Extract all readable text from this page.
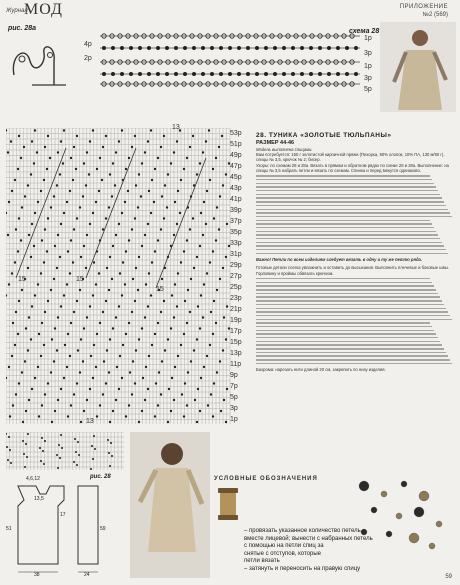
Журнал
МОД	ПРИЛОЖЕНИЕ
№2 (569)
рис. 28а
4р
2р
1р
3р
1р
3р
5р
схема 28
13
15	15
15
13
53р
51р
49р
47р
45р
43р
41р
39р
37р
35р
33р
31р
29р
27р
25р
23р
21р
19р
17р
15р
13р
11р
9р
7р
5р
3р
1р
28. ТУНИКА «ЗОЛОТЫЕ ТЮЛЬПАНЫ»
РАЗМЕР 44-46
Модель выполнена спицами.
Вам потребуется: 150 г золотистой кирпичной пряжи (Пехорка, 90% хлопок, 10% ПА, 130 м/50 г), спицы № 3,5, крючок № 2; бисер.
Узоры: по схемам 28 и 28а. Вязать в прямом и обратном рядах по схеме 28 и 28а. Выполнение: на спицы № 3,5 набрать петли и вязать по схемам. Спинка и перед вяжутся одинаково.
Важно! Петли по всем изделиям следует вязать в одну и ту же петлю ряда.
Готовые детали слегка увлажнить и оставить до высыхания. Выполнить плечевые и боковые швы. Горловину и проймы обвязать крючком.
Бахрома: нарезать нити длиной 20 см, закрепить по низу изделия.
рис. 28
4,6,12
13,5
51
17
59
38	24
УСЛОВНЫЕ ОБОЗНАЧЕНИЯ
– провязать указанное количество петель
вместе лицевой; вынести с набранных петель
с помощью на петли спиц за
снятые с отступов, которые
петли вязать
– затянуть и переносить на правую спицу
59
